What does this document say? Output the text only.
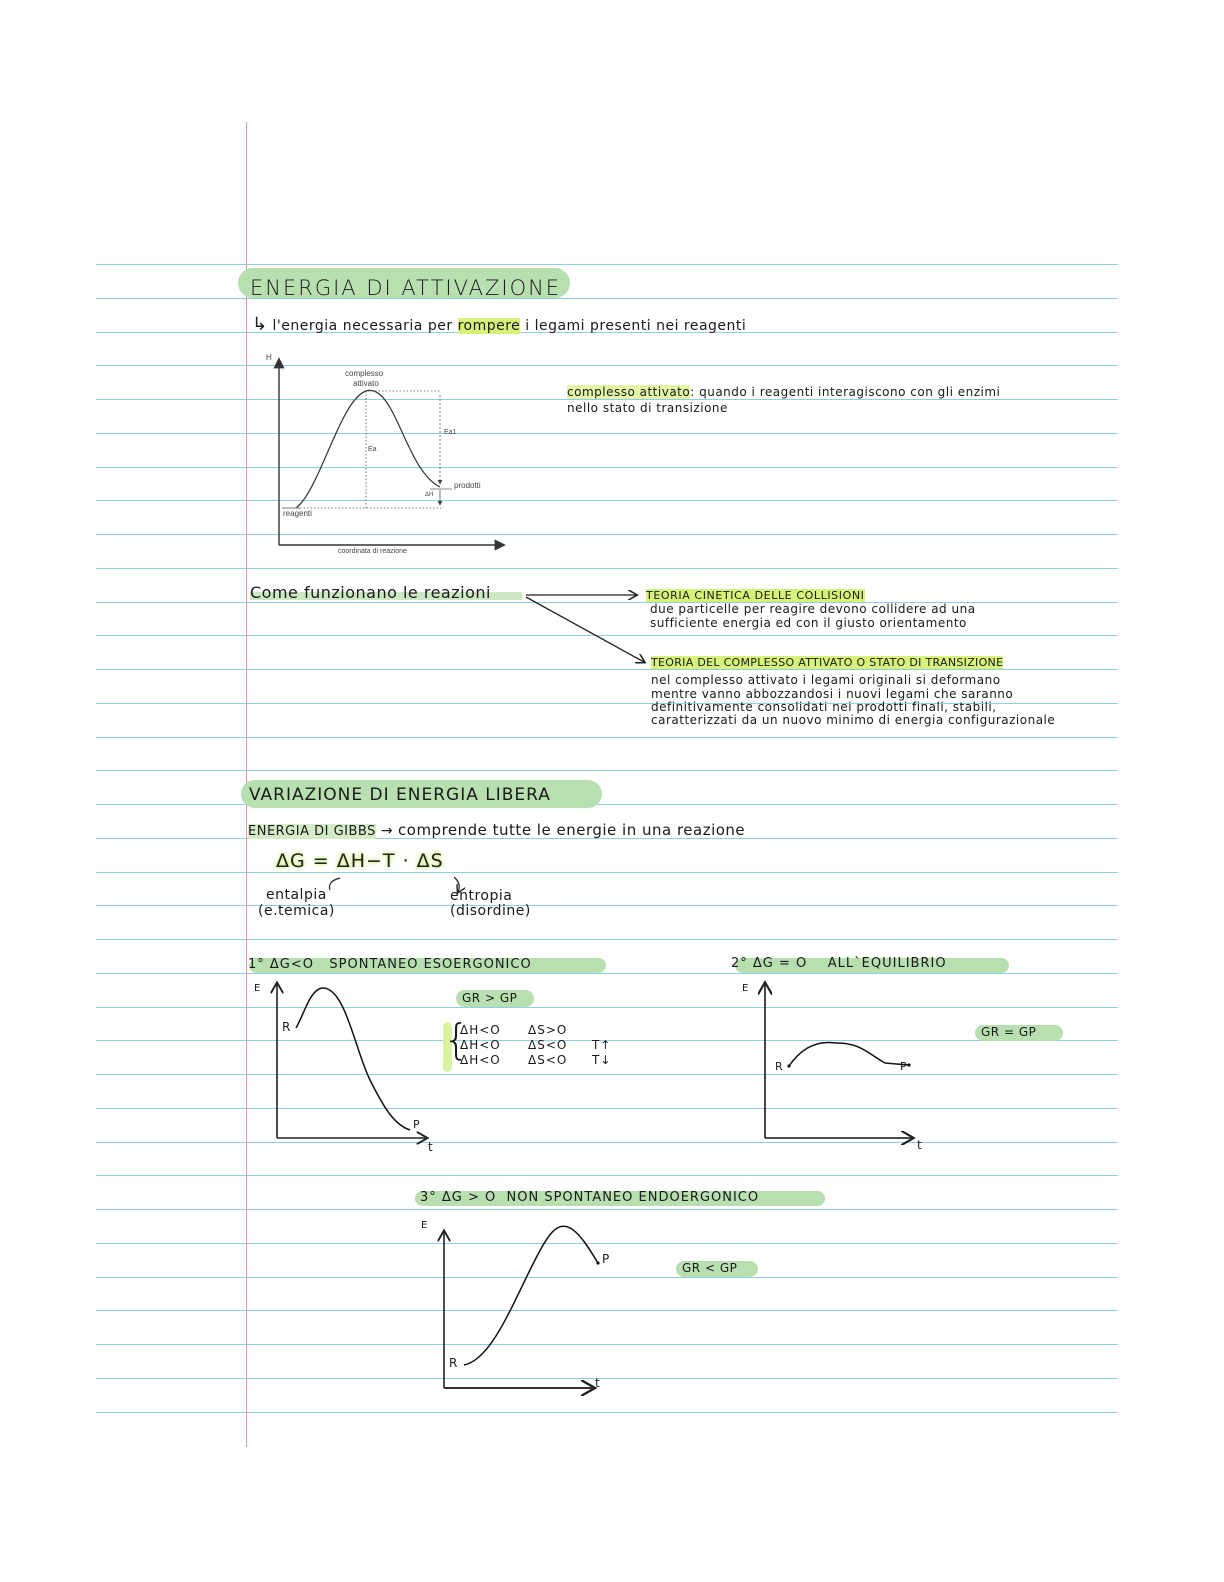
ENERGIA DI ATTIVAZIONE
↳ l'energia necessaria per rompere i legami presenti nei reagenti
H
complesso
attivato
Ea
Ea1
ΔH
prodotti
reagenti
coordinata di reazione
complesso attivato: quando i reagenti interagiscono con gli enzimi
nello stato di transizione
Come funzionano le reazioni	TEORIA CINETICA DELLE COLLISIONI
due particelle per reagire devono collidere ad una
sufficiente energia ed con il giusto orientamento
TEORIA DEL COMPLESSO ATTIVATO O STATO DI TRANSIZIONE
nel complesso attivato i legami originali si deformano
mentre vanno abbozzandosi i nuovi legami che saranno
definitivamente consolidati nei prodotti finali, stabili,
caratterizzati da un nuovo minimo di energia configurazionale
VARIAZIONE DI ENERGIA LIBERA
ENERGIA DI GIBBS → comprende tutte le energie in una reazione
ΔG = ΔH−T · ΔS
entalpia
(e.temica)
entropia
(disordine)
1° ΔG<O   SPONTANEO ESOERGONICO
E
R
P
t
GR > GP
{
ΔH<O ΔS>O
ΔH<O ΔS<O T↑
ΔH<O ΔS<O T↓
2° ΔG = O    ALL`EQUILIBRIO
E
R	P
t
GR = GP
3° ΔG > O  NON SPONTANEO ENDOERGONICO
E
R
P
t
GR < GP
